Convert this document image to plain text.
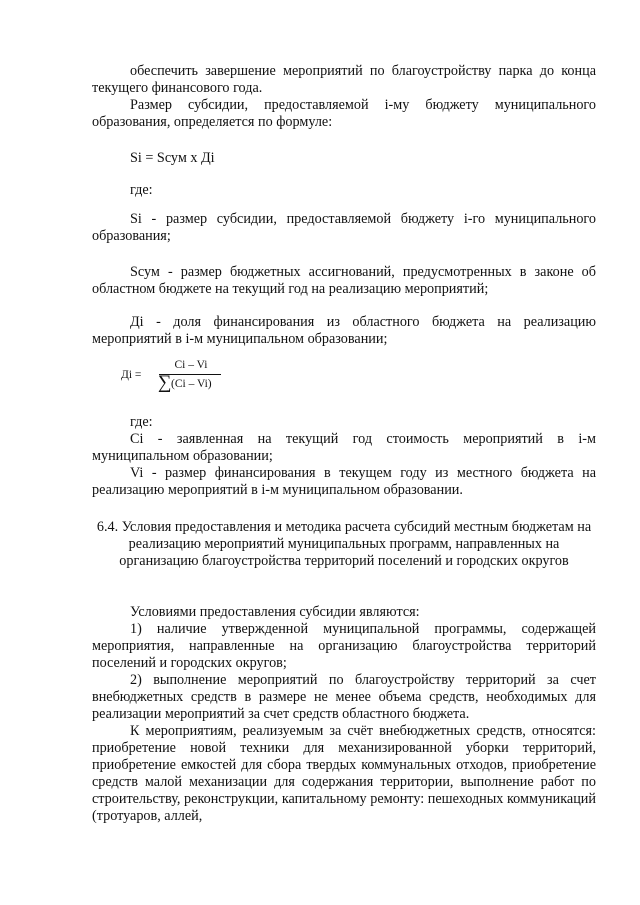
обеспечить завершение мероприятий по благоустройству парка до конца текущего финансового года.

Размер субсидии, предоставляемой i-му бюджету муниципального образования, определяется по формуле:

Si = Sсум x Дi

где:

Si - размер субсидии, предоставляемой бюджету i-го муниципального образования;

Sсум - размер бюджетных ассигнований, предусмотренных в законе об областном бюджете на текущий год на реализацию мероприятий;

Дi - доля финансирования из областного бюджета на реализацию мероприятий в i-м муниципальном образовании;

Дi =
Ci – Vi
∑ (Ci – Vi)

где:

Ci - заявленная на текущий год стоимость мероприятий в i-м муниципальном образовании;

Vi - размер финансирования в текущем году из местного бюджета на реализацию мероприятий в i-м муниципальном образовании.

6.4. Условия предоставления и методика расчета субсидий местным бюджетам на реализацию мероприятий муниципальных программ, направленных на организацию благоустройства территорий поселений и городских округов

Условиями предоставления субсидии являются:

1) наличие утвержденной муниципальной программы, содержащей мероприятия, направленные на организацию благоустройства территорий поселений и городских округов;

2) выполнение мероприятий по благоустройству территорий за счет внебюджетных средств в размере не менее объема средств, необходимых для реализации мероприятий за счет средств областного бюджета.

К мероприятиям, реализуемым за счёт внебюджетных средств, относятся: приобретение новой техники для механизированной уборки территорий, приобретение емкостей для сбора твердых коммунальных отходов, приобретение средств малой механизации для содержания территории, выполнение работ по строительству, реконструкции, капитальному ремонту: пешеходных коммуникаций (тротуаров, аллей,
